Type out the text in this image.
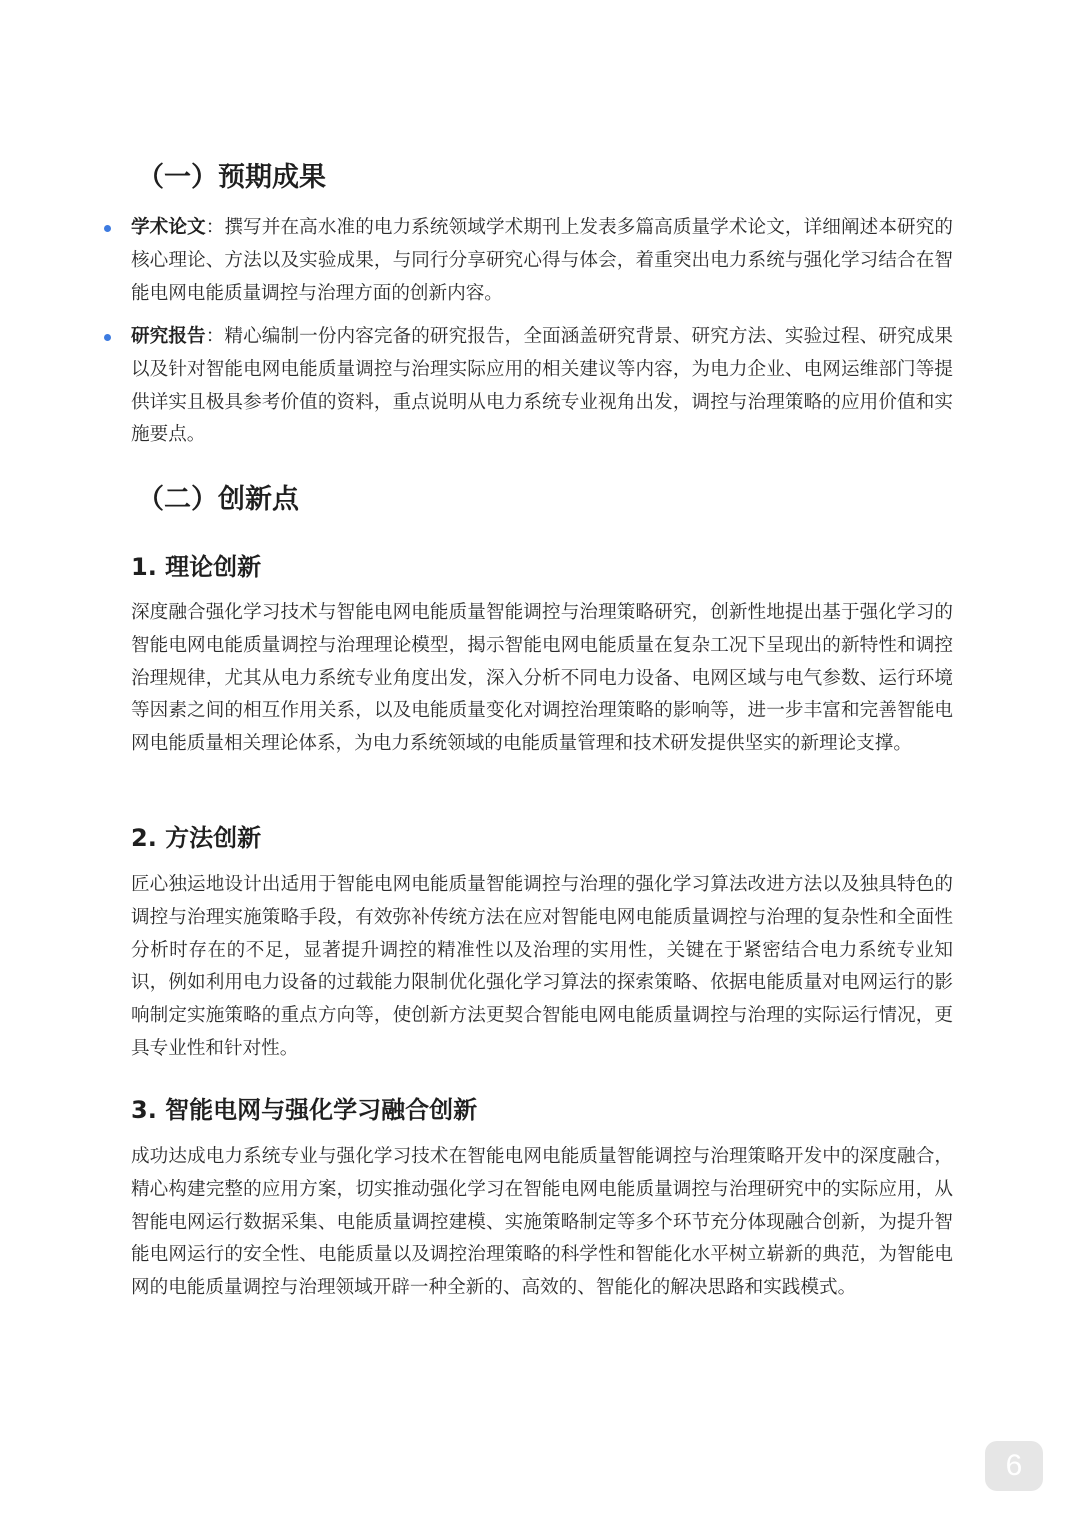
（一）预期成果
学术论文：撰写并在高水准的电力系统领域学术期刊上发表多篇高质量学术论文，详细阐述本研究的核心理论、方法以及实验成果，与同行分享研究心得与体会，着重突出电力系统与强化学习结合在智能电网电能质量调控与治理方面的创新内容。
研究报告：精心编制一份内容完备的研究报告，全面涵盖研究背景、研究方法、实验过程、研究成果以及针对智能电网电能质量调控与治理实际应用的相关建议等内容，为电力企业、电网运维部门等提供详实且极具参考价值的资料，重点说明从电力系统专业视角出发，调控与治理策略的应用价值和实施要点。
（二）创新点
1. 理论创新

深度融合强化学习技术与智能电网电能质量智能调控与治理策略研究，创新性地提出基于强化学习的智能电网电能质量调控与治理理论模型，揭示智能电网电能质量在复杂工况下呈现出的新特性和调控治理规律，尤其从电力系统专业角度出发，深入分析不同电力设备、电网区域与电气参数、运行环境等因素之间的相互作用关系，以及电能质量变化对调控治理策略的影响等，进一步丰富和完善智能电网电能质量相关理论体系，为电力系统领域的电能质量管理和技术研发提供坚实的新理论支撑。

2. 方法创新

匠心独运地设计出适用于智能电网电能质量智能调控与治理的强化学习算法改进方法以及独具特色的调控与治理实施策略手段，有效弥补传统方法在应对智能电网电能质量调控与治理的复杂性和全面性分析时存在的不足，显著提升调控的精准性以及治理的实用性，关键在于紧密结合电力系统专业知识，例如利用电力设备的过载能力限制优化强化学习算法的探索策略、依据电能质量对电网运行的影响制定实施策略的重点方向等，使创新方法更契合智能电网电能质量调控与治理的实际运行情况，更具专业性和针对性。

3. 智能电网与强化学习融合创新

成功达成电力系统专业与强化学习技术在智能电网电能质量智能调控与治理策略开发中的深度融合，精心构建完整的应用方案，切实推动强化学习在智能电网电能质量调控与治理研究中的实际应用，从智能电网运行数据采集、电能质量调控建模、实施策略制定等多个环节充分体现融合创新，为提升智能电网运行的安全性、电能质量以及调控治理策略的科学性和智能化水平树立崭新的典范，为智能电网的电能质量调控与治理领域开辟一种全新的、高效的、智能化的解决思路和实践模式。

6
